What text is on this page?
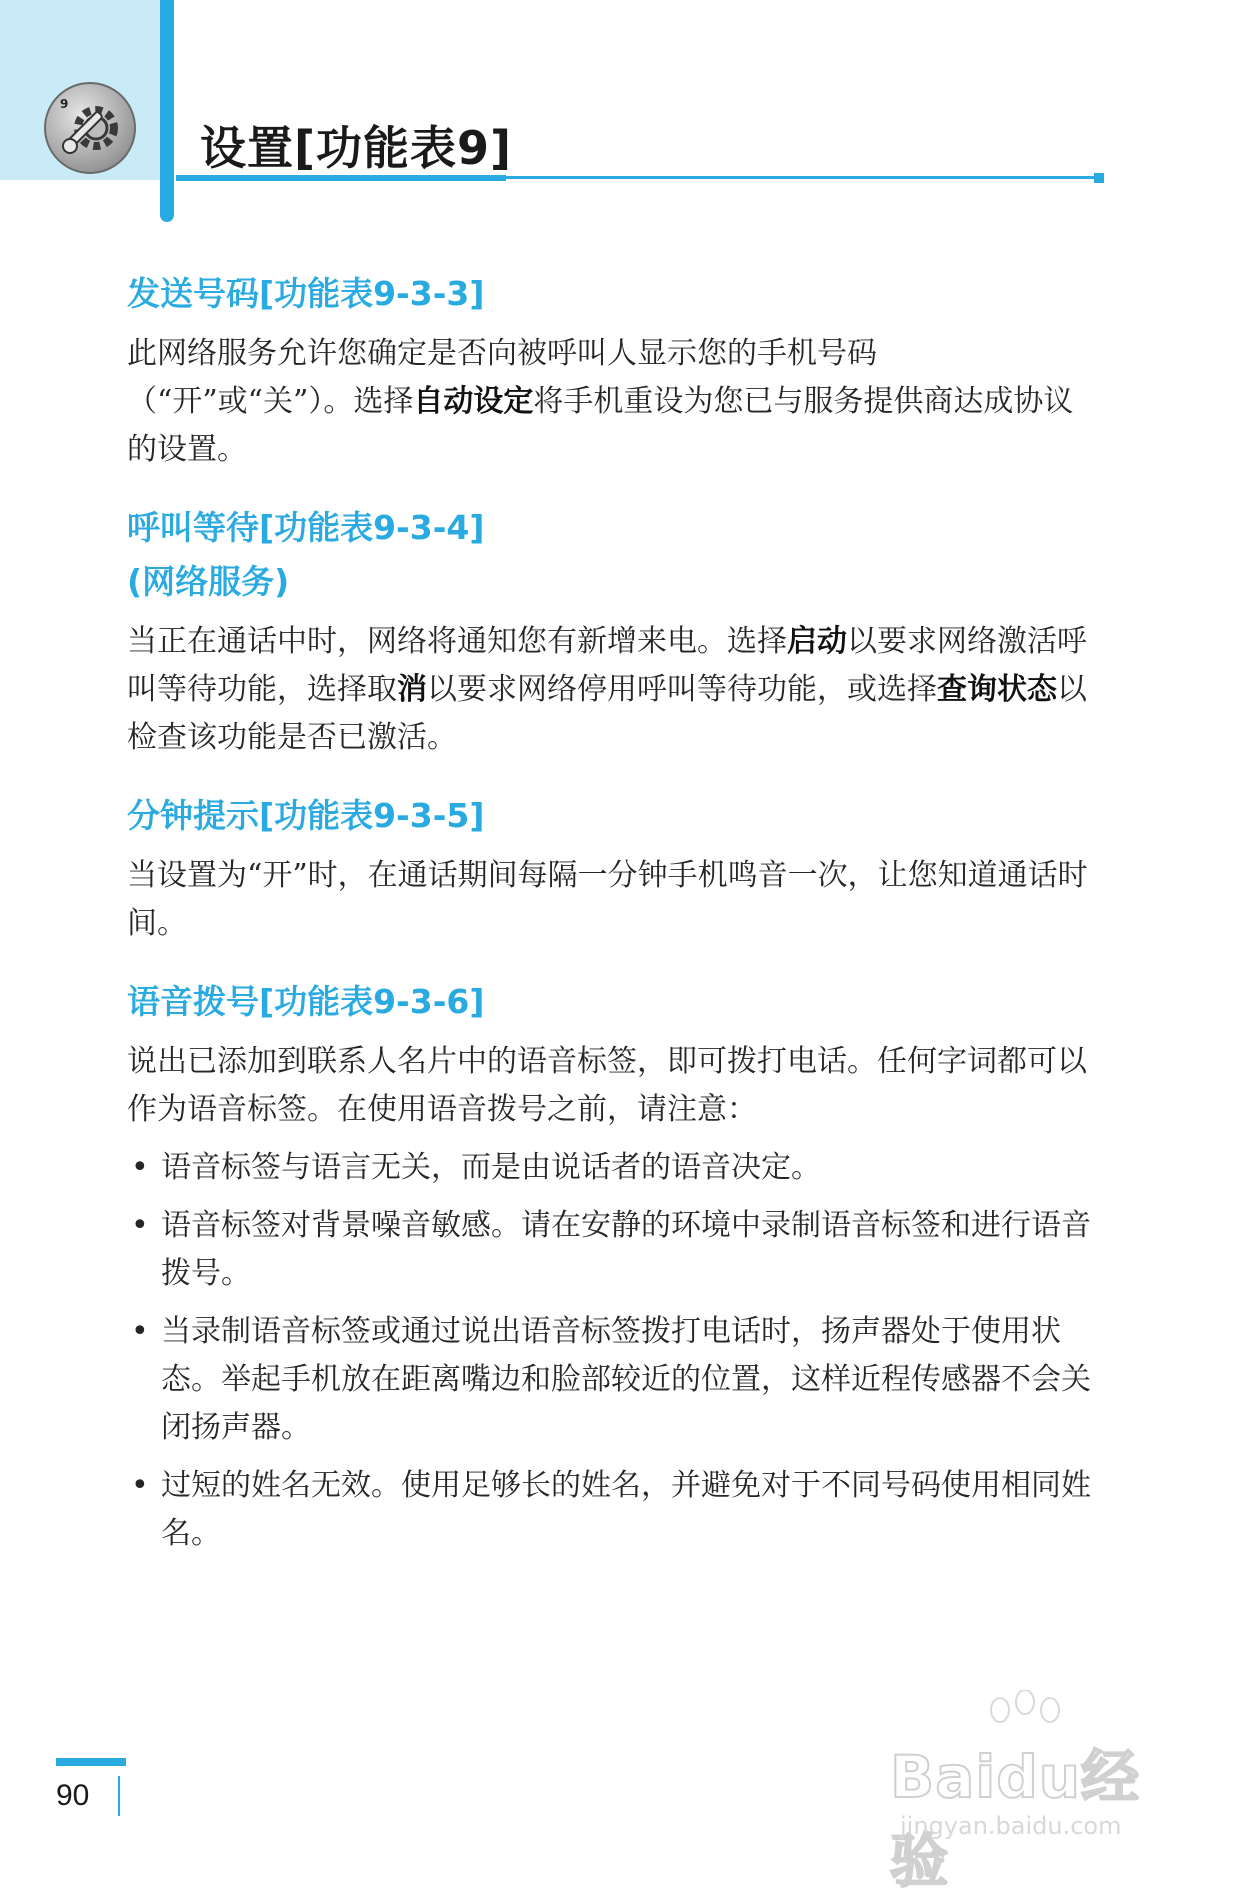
9
设置[功能表9]
发送号码[功能表9-3-3]

此网络服务允许您确定是否向被呼叫人显示您的手机号码（“开”或“关”）。选择自动设定将手机重设为您已与服务提供商达成协议的设置。

呼叫等待[功能表9-3-4]
(网络服务)

当正在通话中时，网络将通知您有新增来电。选择启动以要求网络激活呼叫等待功能，选择取消以要求网络停用呼叫等待功能，或选择查询状态以检查该功能是否已激活。

分钟提示[功能表9-3-5]

当设置为“开”时，在通话期间每隔一分钟手机鸣音一次，让您知道通话时间。

语音拨号[功能表9-3-6]

说出已添加到联系人名片中的语音标签，即可拨打电话。任何字词都可以作为语音标签。在使用语音拨号之前，请注意：

• 语音标签与语言无关，而是由说话者的语音决定。
• 语音标签对背景噪音敏感。请在安静的环境中录制语音标签和进行语音拨号。
• 当录制语音标签或通过说出语音标签拨打电话时，扬声器处于使用状态。举起手机放在距离嘴边和脸部较近的位置，这样近程传感器不会关闭扬声器。
• 过短的姓名无效。使用足够长的姓名，并避免对于不同号码使用相同姓名。
90	Baidu经验
jingyan.baidu.com
